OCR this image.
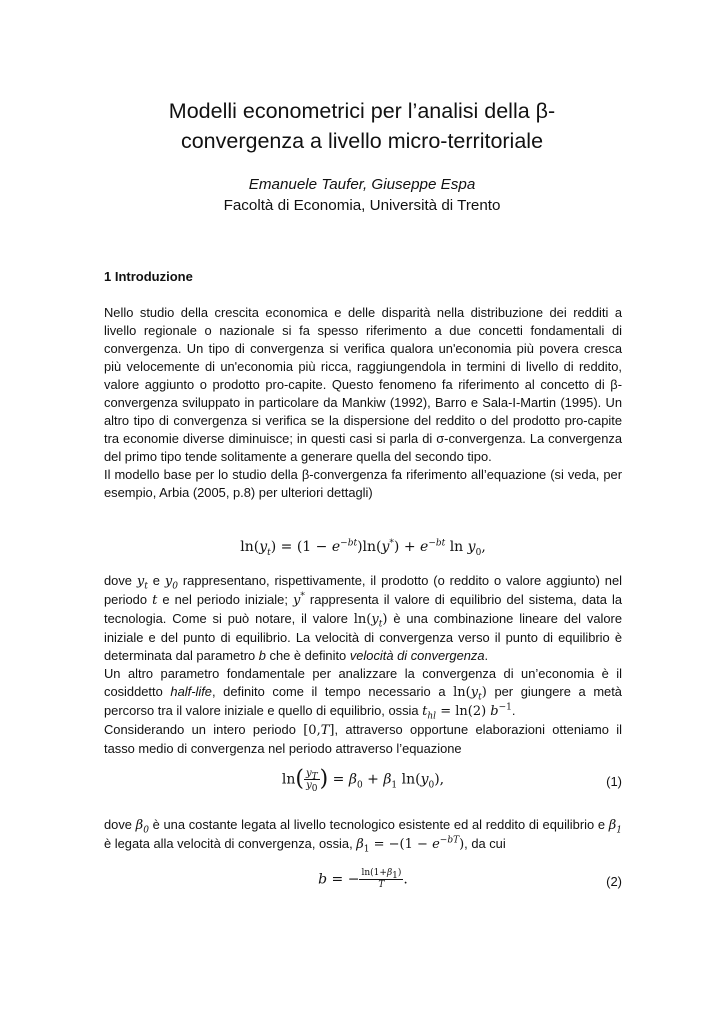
Modelli econometrici per l’analisi della β-
convergenza a livello micro-territoriale
Emanuele Taufer, Giuseppe Espa
Facoltà di Economia, Università di Trento
1 Introduzione

Nello studio della crescita economica e delle disparità nella distribuzione dei redditi a livello regionale o nazionale si fa spesso riferimento a due concetti fondamentali di convergenza. Un tipo di convergenza si verifica qualora un'economia più povera cresca più velocemente di un'economia più ricca, raggiungendola in termini di livello di reddito, valore aggiunto o prodotto pro-capite. Questo fenomeno fa riferimento al concetto di β-convergenza sviluppato in particolare da Mankiw (1992), Barro e Sala-I-Martin (1995). Un altro tipo di convergenza si verifica se la dispersione del reddito o del prodotto pro-capite tra economie diverse diminuisce; in questi casi si parla di σ-convergenza. La convergenza del primo tipo tende solitamente a generare quella del secondo tipo.

Il modello base per lo studio della β-convergenza fa riferimento all’equazione (si veda, per esempio, Arbia (2005, p.8) per ulteriori dettagli)

$\ln(y_t) = (1 - e^{-bt})\ln(y^*) + e^{-bt}$ $\ln y_0$,

dove $y_t$ e $y_0$ rappresentano, rispettivamente, il prodotto (o reddito o valore aggiunto) nel periodo t e nel periodo iniziale; y* rappresenta il valore di equilibrio del sistema, data la tecnologia. Come si può notare, il valore $\ln(y_t)$ è una combinazione lineare del valore iniziale e del punto di equilibrio. La velocità di convergenza verso il punto di equilibrio è determinata dal parametro b che è definito velocità di convergenza.

Un altro parametro fondamentale per analizzare la convergenza di un’economia è il cosiddetto half-life, definito come il tempo necessario a $\ln(y_t)$ per giungere a metà percorso tra il valore iniziale e quello di equilibrio, ossia $t_{hl} = \ln(2)$ $b^{-1}$.

Considerando un intero periodo [0,T], attraverso opportune elaborazioni otteniamo il tasso medio di convergenza nel periodo attraverso l’equazione

$\ln( \frac{y_T}{y_0}$ ) = $\beta_0 + \beta_1$ $\ln(y_0)$,	(1)

dove $\beta_0$ è una costante legata al livello tecnologico esistente ed al reddito di equilibrio e $\beta_1$ è legata alla velocità di convergenza, ossia, $\beta_1 = -(1 - e^{-bT})$, da cui

b = − $\frac{\ln(1+\beta_1)}{T}$ .	(2)
